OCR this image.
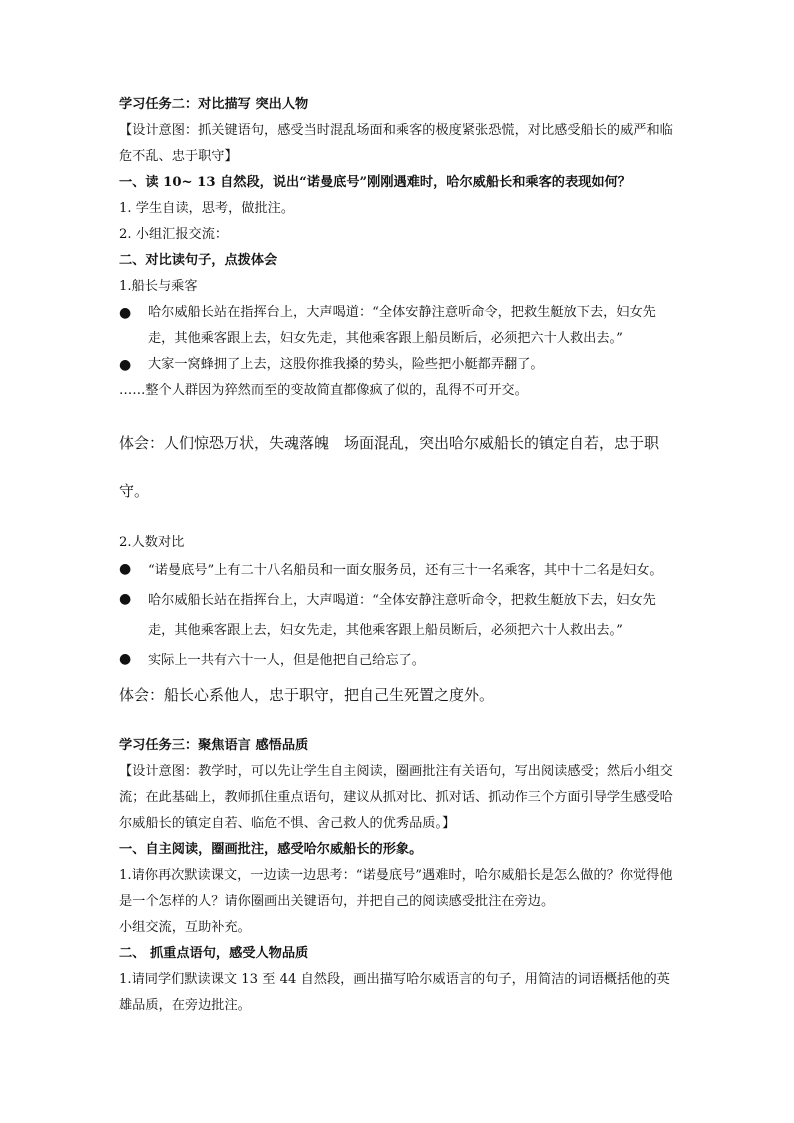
学习任务二：对比描写 突出人物

【设计意图：抓关键语句，感受当时混乱场面和乘客的极度紧张恐慌，对比感受船长的威严和临危不乱、忠于职守】

一、读 10~ 13 自然段，说出“诺曼底号”刚刚遇难时，哈尔威船长和乘客的表现如何？

1. 学生自读，思考，做批注。

2. 小组汇报交流：

二、对比读句子，点拨体会

1.船长与乘客

●	哈尔威船长站在指挥台上，大声喝道：“全体安静注意听命令，把救生艇放下去，妇女先走，其他乘客跟上去，妇女先走，其他乘客跟上船员断后，必须把六十人救出去。”
●	大家一窝蜂拥了上去，这股你推我搡的势头，险些把小艇都弄翻了。

……整个人群因为猝然而至的变故简直都像疯了似的，乱得不可开交。

体会：人们惊恐万状，失魂落魄　场面混乱，突出哈尔威船长的镇定自若，忠于职守。

2.人数对比

●	“诺曼底号”上有二十八名船员和一面女服务员，还有三十一名乘客，其中十二名是妇女。
●	哈尔威船长站在指挥台上，大声喝道：“全体安静注意听命令，把救生艇放下去，妇女先走，其他乘客跟上去，妇女先走，其他乘客跟上船员断后，必须把六十人救出去。”
●	实际上一共有六十一人，但是他把自己给忘了。

体会：船长心系他人，忠于职守，把自己生死置之度外。

学习任务三：聚焦语言 感悟品质

【设计意图：教学时，可以先让学生自主阅读，圈画批注有关语句，写出阅读感受；然后小组交流；在此基础上，教师抓住重点语句，建议从抓对比、抓对话、抓动作三个方面引导学生感受哈尔威船长的镇定自若、临危不惧、舍己救人的优秀品质。】

一、自主阅读，圈画批注，感受哈尔威船长的形象。

1.请你再次默读课文，一边读一边思考：“诺曼底号”遇难时，哈尔威船长是怎么做的？你觉得他是一个怎样的人？请你圈画出关键语句，并把自己的阅读感受批注在旁边。

小组交流，互助补充。

二、 抓重点语句，感受人物品质

1.请同学们默读课文 13 至 44 自然段，画出描写哈尔威语言的句子，用简洁的词语概括他的英雄品质，在旁边批注。
